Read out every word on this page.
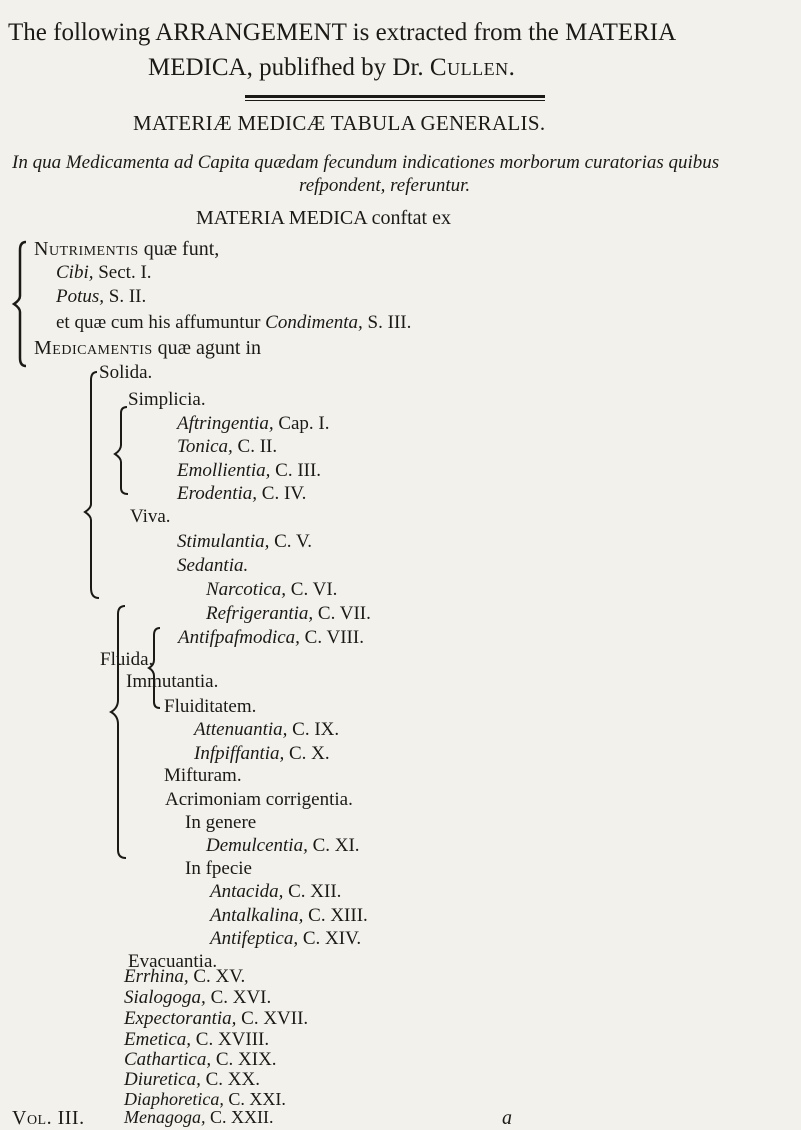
The following ARRANGEMENT is extracted from the MATERIA
MEDICA, publifhed by Dr. Cullen.
MATERIÆ MEDICÆ TABULA GENERALIS.
In qua Medicamenta ad Capita quædam fecundum indicationes morborum curatorias quibus
refpondent, referuntur.
MATERIA MEDICA conftat ex
Nutrimentis quæ funt,
Cibi, Sect. I.
Potus, S. II.
et quæ cum his affumuntur Condimenta, S. III.
Medicamentis quæ agunt in
Solida.
Simplicia.
Aftringentia, Cap. I.
Tonica, C. II.
Emollientia, C. III.
Erodentia, C. IV.
Viva.
Stimulantia, C. V.
Sedantia.
Narcotica, C. VI.
Refrigerantia, C. VII.
Antifpafmodica, C. VIII.
Fluida.
Immutantia.
Fluiditatem.
Attenuantia, C. IX.
Infpiffantia, C. X.
Mifturam.
Acrimoniam corrigentia.
In genere
Demulcentia, C. XI.
In fpecie
Antacida, C. XII.
Antalkalina, C. XIII.
Antifeptica, C. XIV.
Evacuantia.
Errhina, C. XV.
Sialogoga, C. XVI.
Expectorantia, C. XVII.
Emetica, C. XVIII.
Cathartica, C. XIX.
Diuretica, C. XX.
Diaphoretica, C. XXI.
Menagoga, C. XXII.
Vol. III.	a
